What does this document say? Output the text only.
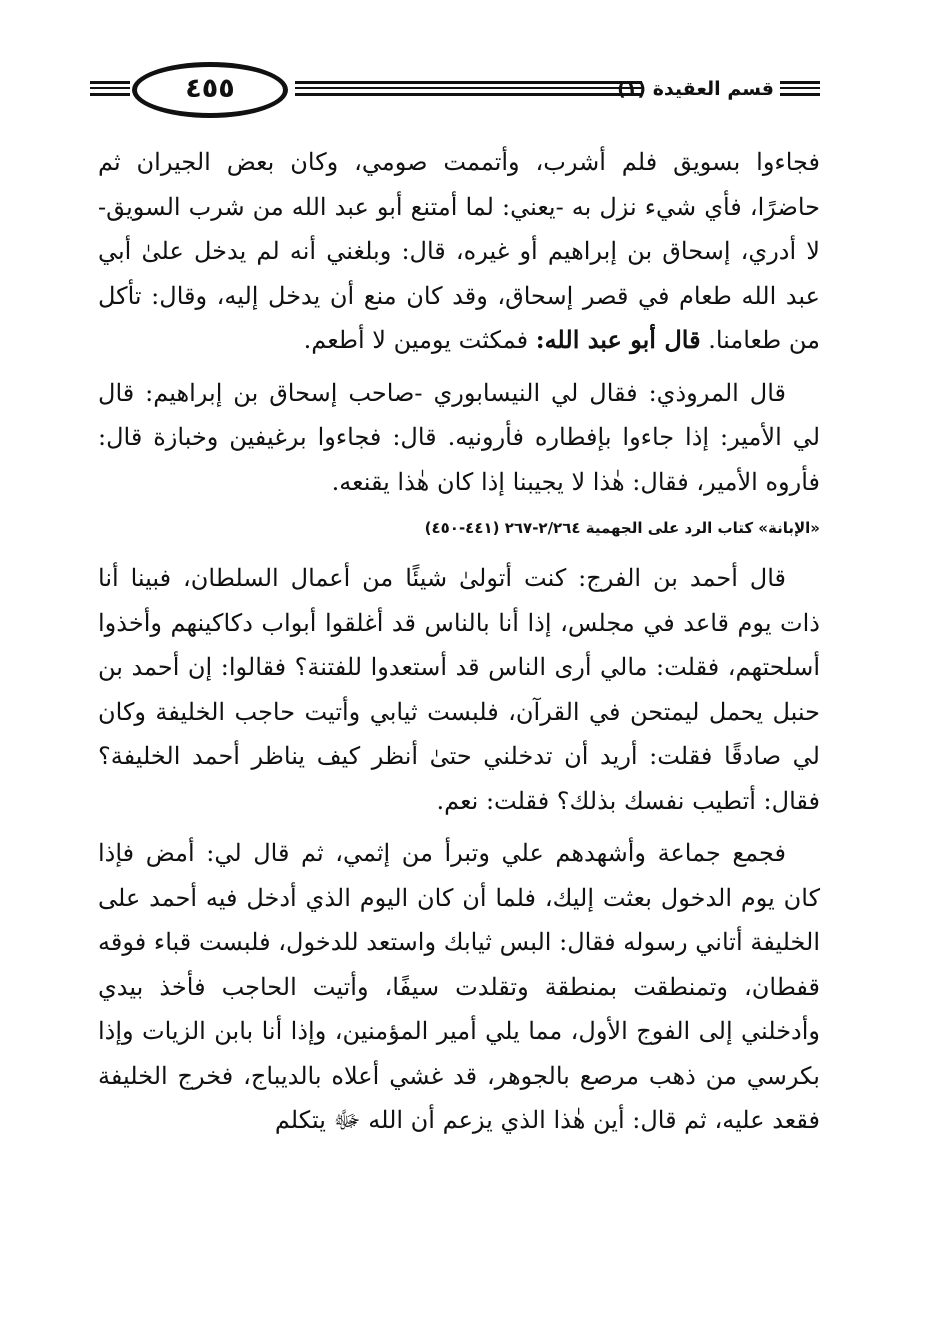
٤٥٥	قسم العقيدة (١)

فجاءوا بسويق فلم أشرب، وأتممت صومي، وكان بعض الجيران ثم حاضرًا، فأي شيء نزل به -يعني: لما أمتنع أبو عبد الله من شرب السويق- لا أدري، إسحاق بن إبراهيم أو غيره، قال: وبلغني أنه لم يدخل علىٰ أبي عبد الله طعام في قصر إسحاق، وقد كان منع أن يدخل إليه، وقال: تأكل من طعامنا. قال أبو عبد الله: فمكثت يومين لا أطعم.

قال المروذي: فقال لي النيسابوري -صاحب إسحاق بن إبراهيم: قال لي الأمير: إذا جاءوا بإفطاره فأرونيه. قال: فجاءوا برغيفين وخبازة قال: فأروه الأمير، فقال: هٰذا لا يجيبنا إذا كان هٰذا يقنعه.

«الإبانة» كتاب الرد على الجهمية ٢/٢٦٤-٢٦٧ (٤٤١-٤٥٠)

قال أحمد بن الفرج: كنت أتولىٰ شيئًا من أعمال السلطان، فبينا أنا ذات يوم قاعد في مجلس، إذا أنا بالناس قد أغلقوا أبواب دكاكينهم وأخذوا أسلحتهم، فقلت: مالي أرى الناس قد أستعدوا للفتنة؟ فقالوا: إن أحمد بن حنبل يحمل ليمتحن في القرآن، فلبست ثيابي وأتيت حاجب الخليفة وكان لي صادقًا فقلت: أريد أن تدخلني حتىٰ أنظر كيف يناظر أحمد الخليفة؟ فقال: أتطيب نفسك بذلك؟ فقلت: نعم.

فجمع جماعة وأشهدهم علي وتبرأ من إثمي، ثم قال لي: أمض فإذا كان يوم الدخول بعثت إليك، فلما أن كان اليوم الذي أدخل فيه أحمد على الخليفة أتاني رسوله فقال: البس ثيابك واستعد للدخول، فلبست قباء فوقه قفطان، وتمنطقت بمنطقة وتقلدت سيفًا، وأتيت الحاجب فأخذ بيدي وأدخلني إلى الفوج الأول، مما يلي أمير المؤمنين، وإذا أنا بابن الزيات وإذا بكرسي من ذهب مرصع بالجوهر، قد غشي أعلاه بالديباج، فخرج الخليفة فقعد عليه، ثم قال: أين هٰذا الذي يزعم أن الله ﷻ يتكلم
